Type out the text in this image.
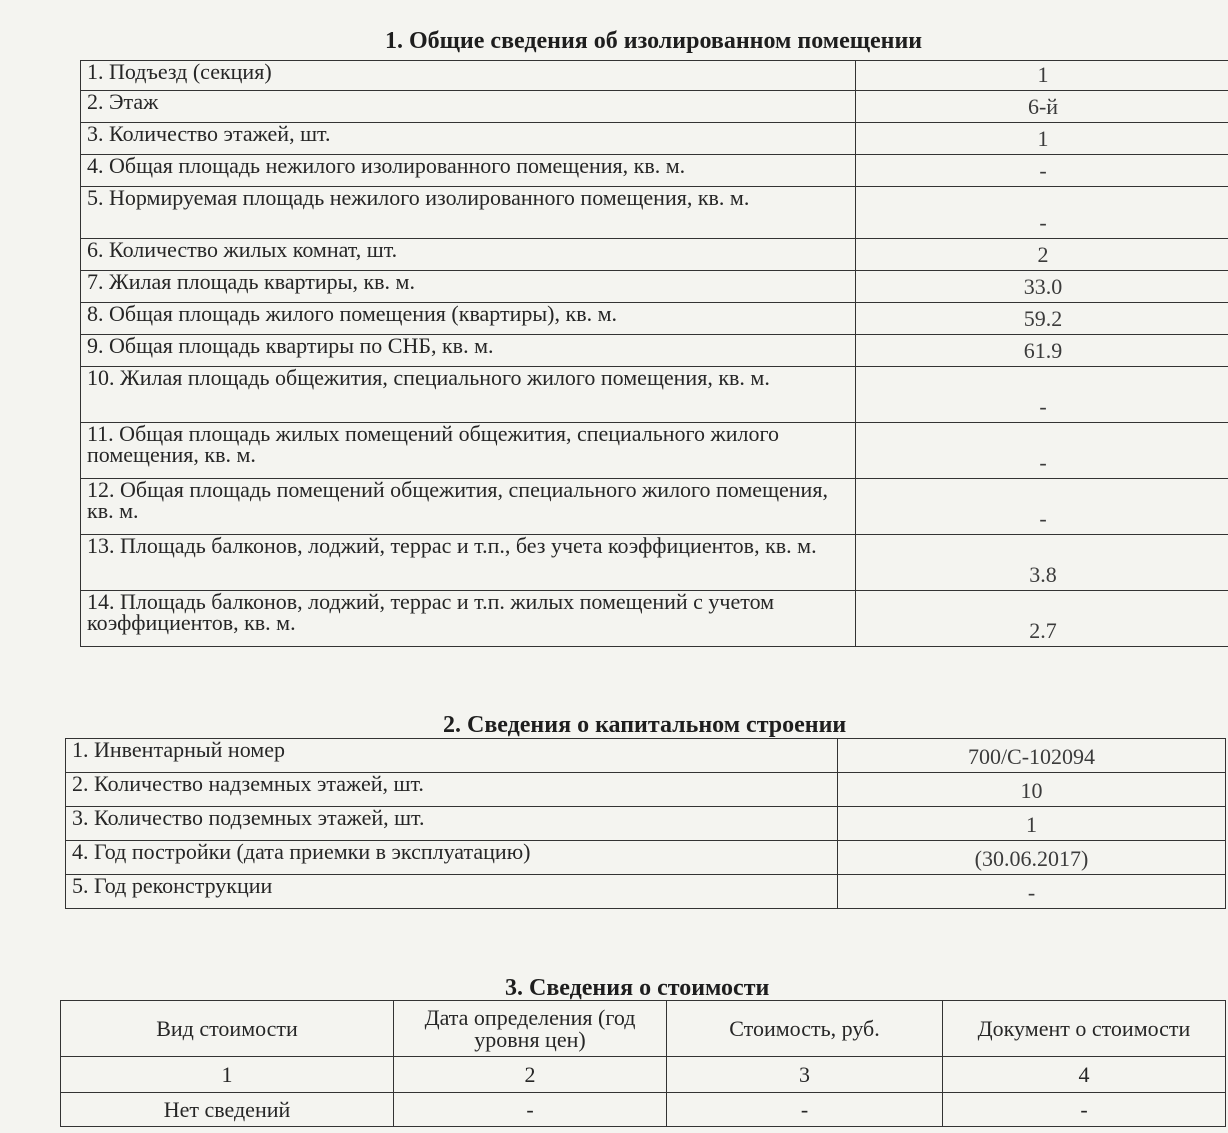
1. Общие сведения об изолированном помещении
1. Подъезд (секция)	1
2. Этаж	6-й
3. Количество этажей, шт.	1
4. Общая площадь нежилого изолированного помещения, кв. м.	-
5. Нормируемая площадь нежилого изолированного помещения, кв. м.	-
6. Количество жилых комнат, шт.	2
7. Жилая площадь квартиры, кв. м.	33.0
8. Общая площадь жилого помещения (квартиры), кв. м.	59.2
9. Общая площадь квартиры по СНБ, кв. м.	61.9
10. Жилая площадь общежития, специального жилого помещения, кв. м.	-
11. Общая площадь жилых помещений общежития, специального жилого помещения, кв. м.	-
12. Общая площадь помещений общежития, специального жилого помещения, кв. м.	-
13. Площадь балконов, лоджий, террас и т.п., без учета коэффициентов, кв. м.	3.8
14. Площадь балконов, лоджий, террас и т.п. жилых помещений с учетом коэффициентов, кв. м.	2.7
2. Сведения о капитальном строении
1. Инвентарный номер	700/С-102094
2. Количество надземных этажей, шт.	10
3. Количество подземных этажей, шт.	1
4. Год постройки (дата приемки в эксплуатацию)	(30.06.2017)
5. Год реконструкции	-
3. Сведения о стоимости
Вид стоимости	Дата определения (год уровня цен)	Стоимость, руб.	Документ о стоимости
1	2	3	4
Нет сведений	-	-	-
